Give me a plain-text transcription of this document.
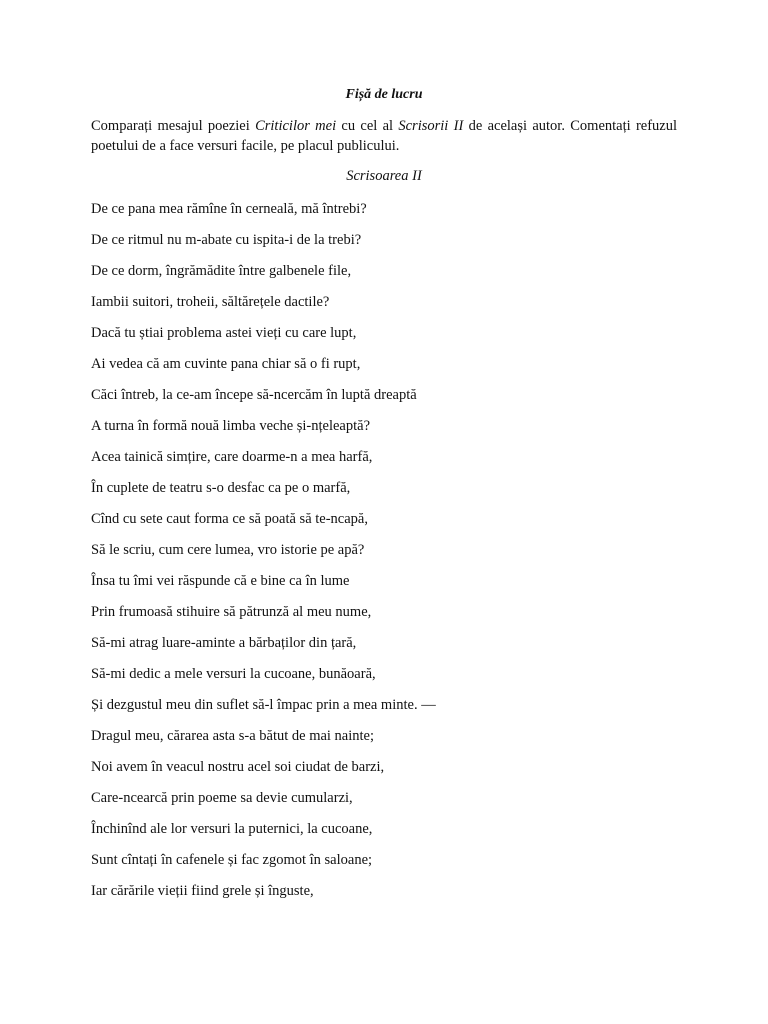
Fișă de lucru

Comparați mesajul poeziei Criticilor mei cu cel al Scrisorii II de același autor. Comentați refuzul poetului de a face versuri facile, pe placul publicului.

Scrisoarea II

De ce pana mea rămîne în cerneală, mă întrebi?
De ce ritmul nu m-abate cu ispita-i de la trebi?
De ce dorm, îngrămădite între galbenele file,
Iambii suitori, troheii, săltărețele dactile?
Dacă tu știai problema astei vieți cu care lupt,
Ai vedea că am cuvinte pana chiar să o fi rupt,
Căci întreb, la ce-am începe să-ncercăm în luptă dreaptă
A turna în formă nouă limba veche și-nțeleaptă?
Acea tainică simțire, care doarme-n a mea harfă,
În cuplete de teatru s-o desfac ca pe o marfă,
Cînd cu sete caut forma ce să poată să te-ncapă,
Să le scriu, cum cere lumea, vro istorie pe apă?
Însa tu îmi vei răspunde că e bine ca în lume
Prin frumoasă stihuire să pătrunză al meu nume,
Să-mi atrag luare-aminte a bărbaților din țară,
Să-mi dedic a mele versuri la cucoane, bunăoară,
Și dezgustul meu din suflet să-l împac prin a mea minte. —
Dragul meu, cărarea asta s-a bătut de mai nainte;
Noi avem în veacul nostru acel soi ciudat de barzi,
Care-ncearcă prin poeme sa devie cumularzi,
Închinînd ale lor versuri la puternici, la cucoane,
Sunt cîntați în cafenele și fac zgomot în saloane;
Iar cărările vieții fiind grele și înguste,
